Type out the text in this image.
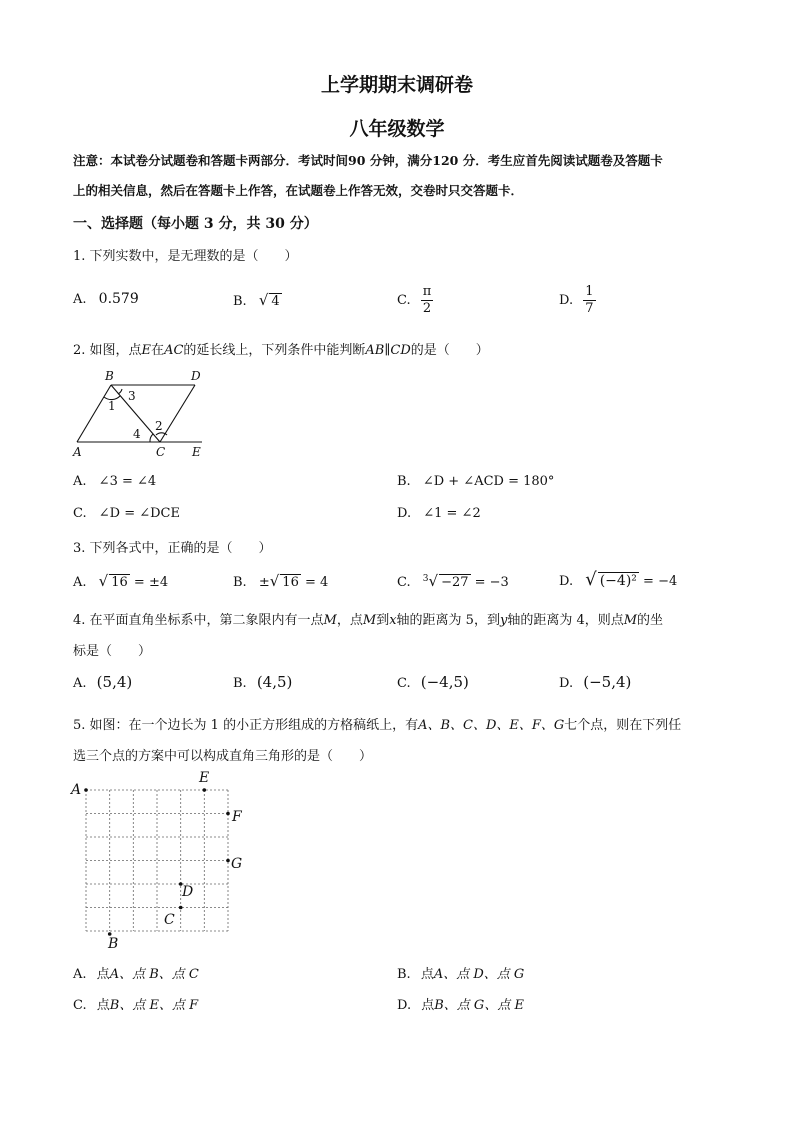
上学期期末调研卷
八年级数学
注意：本试卷分试题卷和答题卡两部分．考试时间90 分钟，满分120 分．考生应首先阅读试题卷及答题卡
上的相关信息，然后在答题卡上作答，在试题卷上作答无效，交卷时只交答题卡．
一、选择题（每小题 3 分，共 30 分）
1. 下列实数中，是无理数的是（　　）
A. 0.57̇9̇	B. √ 4	C. $\frac{\pi}{2}$	D. $\frac{1}{7}$
2. 如图，点E在AC的延长线上，下列条件中能判断AB∥CD的是（　　）
B	D
A	C E
1
3
2
4
A. ∠3 = ∠4	B. ∠D + ∠ACD = 180°
C. ∠D = ∠DCE	D. ∠1 = ∠2
3. 下列各式中，正确的是（　　）
A. √ 16 = ±4	B. ±√ 16 = 4	C. $^3$√ −27 = −3	D. √ (−4)² = −4
4. 在平面直角坐标系中，第二象限内有一点M，点M到x轴的距离为 5，到y轴的距离为 4，则点M的坐
标是（　　）
A. (5,4)	B. (4,5)	C. (−4,5)	D. (−5,4)
5. 如图：在一个边长为 1 的小正方形组成的方格稿纸上，有A、B、C、D、E、F、G七个点，则在下列任
选三个点的方案中可以构成直角三角形的是（　　）
A
E
F
G
D
C
B
A. 点A、点 B、点 C	B. 点A、点 D、点 G
C. 点B、点 E、点 F	D. 点B、点 G、点 E
